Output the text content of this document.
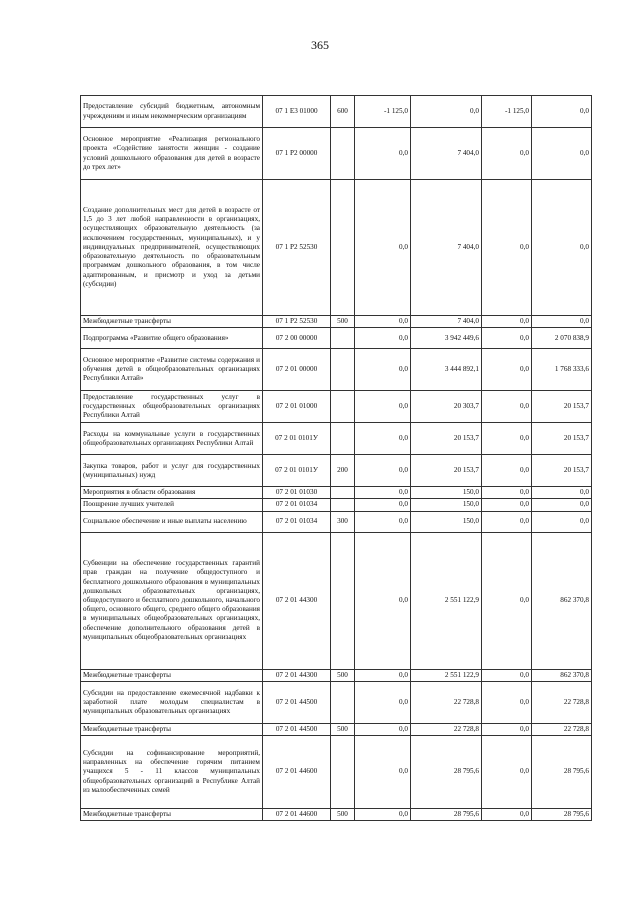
365
Предоставление субсидий бюджетным, автономным учреждениям и иным некоммерческим организациям	07 1 E3 01000	600	-1 125,0	0,0	-1 125,0	0,0
Основное мероприятие «Реализация регионального проекта «Содействие занятости женщин - создание условий дошкольного образования для детей в возрасте до трех лет»	07 1 P2 00000		0,0	7 404,0	0,0	0,0
Создание дополнительных мест для детей в возрасте от 1,5 до 3 лет любой направленности в организациях, осуществляющих образовательную деятельность (за исключением государственных, муниципальных), и у индивидуальных предпринимателей, осуществляющих образовательную деятельность по образовательным программам дошкольного образования, в том числе адаптированным, и присмотр и уход за детьми (субсидии)	07 1 P2 52530		0,0	7 404,0	0,0	0,0
Межбюджетные трансферты	07 1 P2 52530	500	0,0	7 404,0	0,0	0,0
Подпрограмма «Развитие общего образования»	07 2 00 00000		0,0	3 942 449,6	0,0	2 070 838,9
Основное мероприятие «Развитие системы содержания и обучения детей в общеобразовательных организациях Республики Алтай»	07 2 01 00000		0,0	3 444 892,1	0,0	1 768 333,6
Предоставление государственных услуг в государственных общеобразовательных организациях Республики Алтай	07 2 01 01000		0,0	20 303,7	0,0	20 153,7
Расходы на коммунальные услуги в государственных общеобразовательных организациях Республики Алтай	07 2 01 0101У		0,0	20 153,7	0,0	20 153,7
Закупка товаров, работ и услуг для государственных (муниципальных) нужд	07 2 01 0101У	200	0,0	20 153,7	0,0	20 153,7
Мероприятия в области образования	07 2 01 01030		0,0	150,0	0,0	0,0
Поощрение лучших учителей	07 2 01 01034		0,0	150,0	0,0	0,0
Социальное обеспечение и иные выплаты населению	07 2 01 01034	300	0,0	150,0	0,0	0,0
Субвенции на обеспечение государственных гарантий прав граждан на получение общедоступного и бесплатного дошкольного образования в муниципальных дошкольных образовательных организациях, общедоступного и бесплатного дошкольного, начального общего, основного общего, среднего общего образования в муниципальных общеобразовательных организациях, обеспечение дополнительного образования детей в муниципальных общеобразовательных организациях	07 2 01 44300		0,0	2 551 122,9	0,0	862 370,8
Межбюджетные трансферты	07 2 01 44300	500	0,0	2 551 122,9	0,0	862 370,8
Субсидии на предоставление ежемесячной надбавки к заработной плате молодым специалистам в муниципальных образовательных организациях	07 2 01 44500		0,0	22 728,8	0,0	22 728,8
Межбюджетные трансферты	07 2 01 44500	500	0,0	22 728,8	0,0	22 728,8
Субсидии на софинансирование мероприятий, направленных на обеспечение горячим питанием учащихся 5 - 11 классов муниципальных общеобразовательных организаций в Республике Алтай из малообеспеченных семей	07 2 01 44600		0,0	28 795,6	0,0	28 795,6
Межбюджетные трансферты	07 2 01 44600	500	0,0	28 795,6	0,0	28 795,6
